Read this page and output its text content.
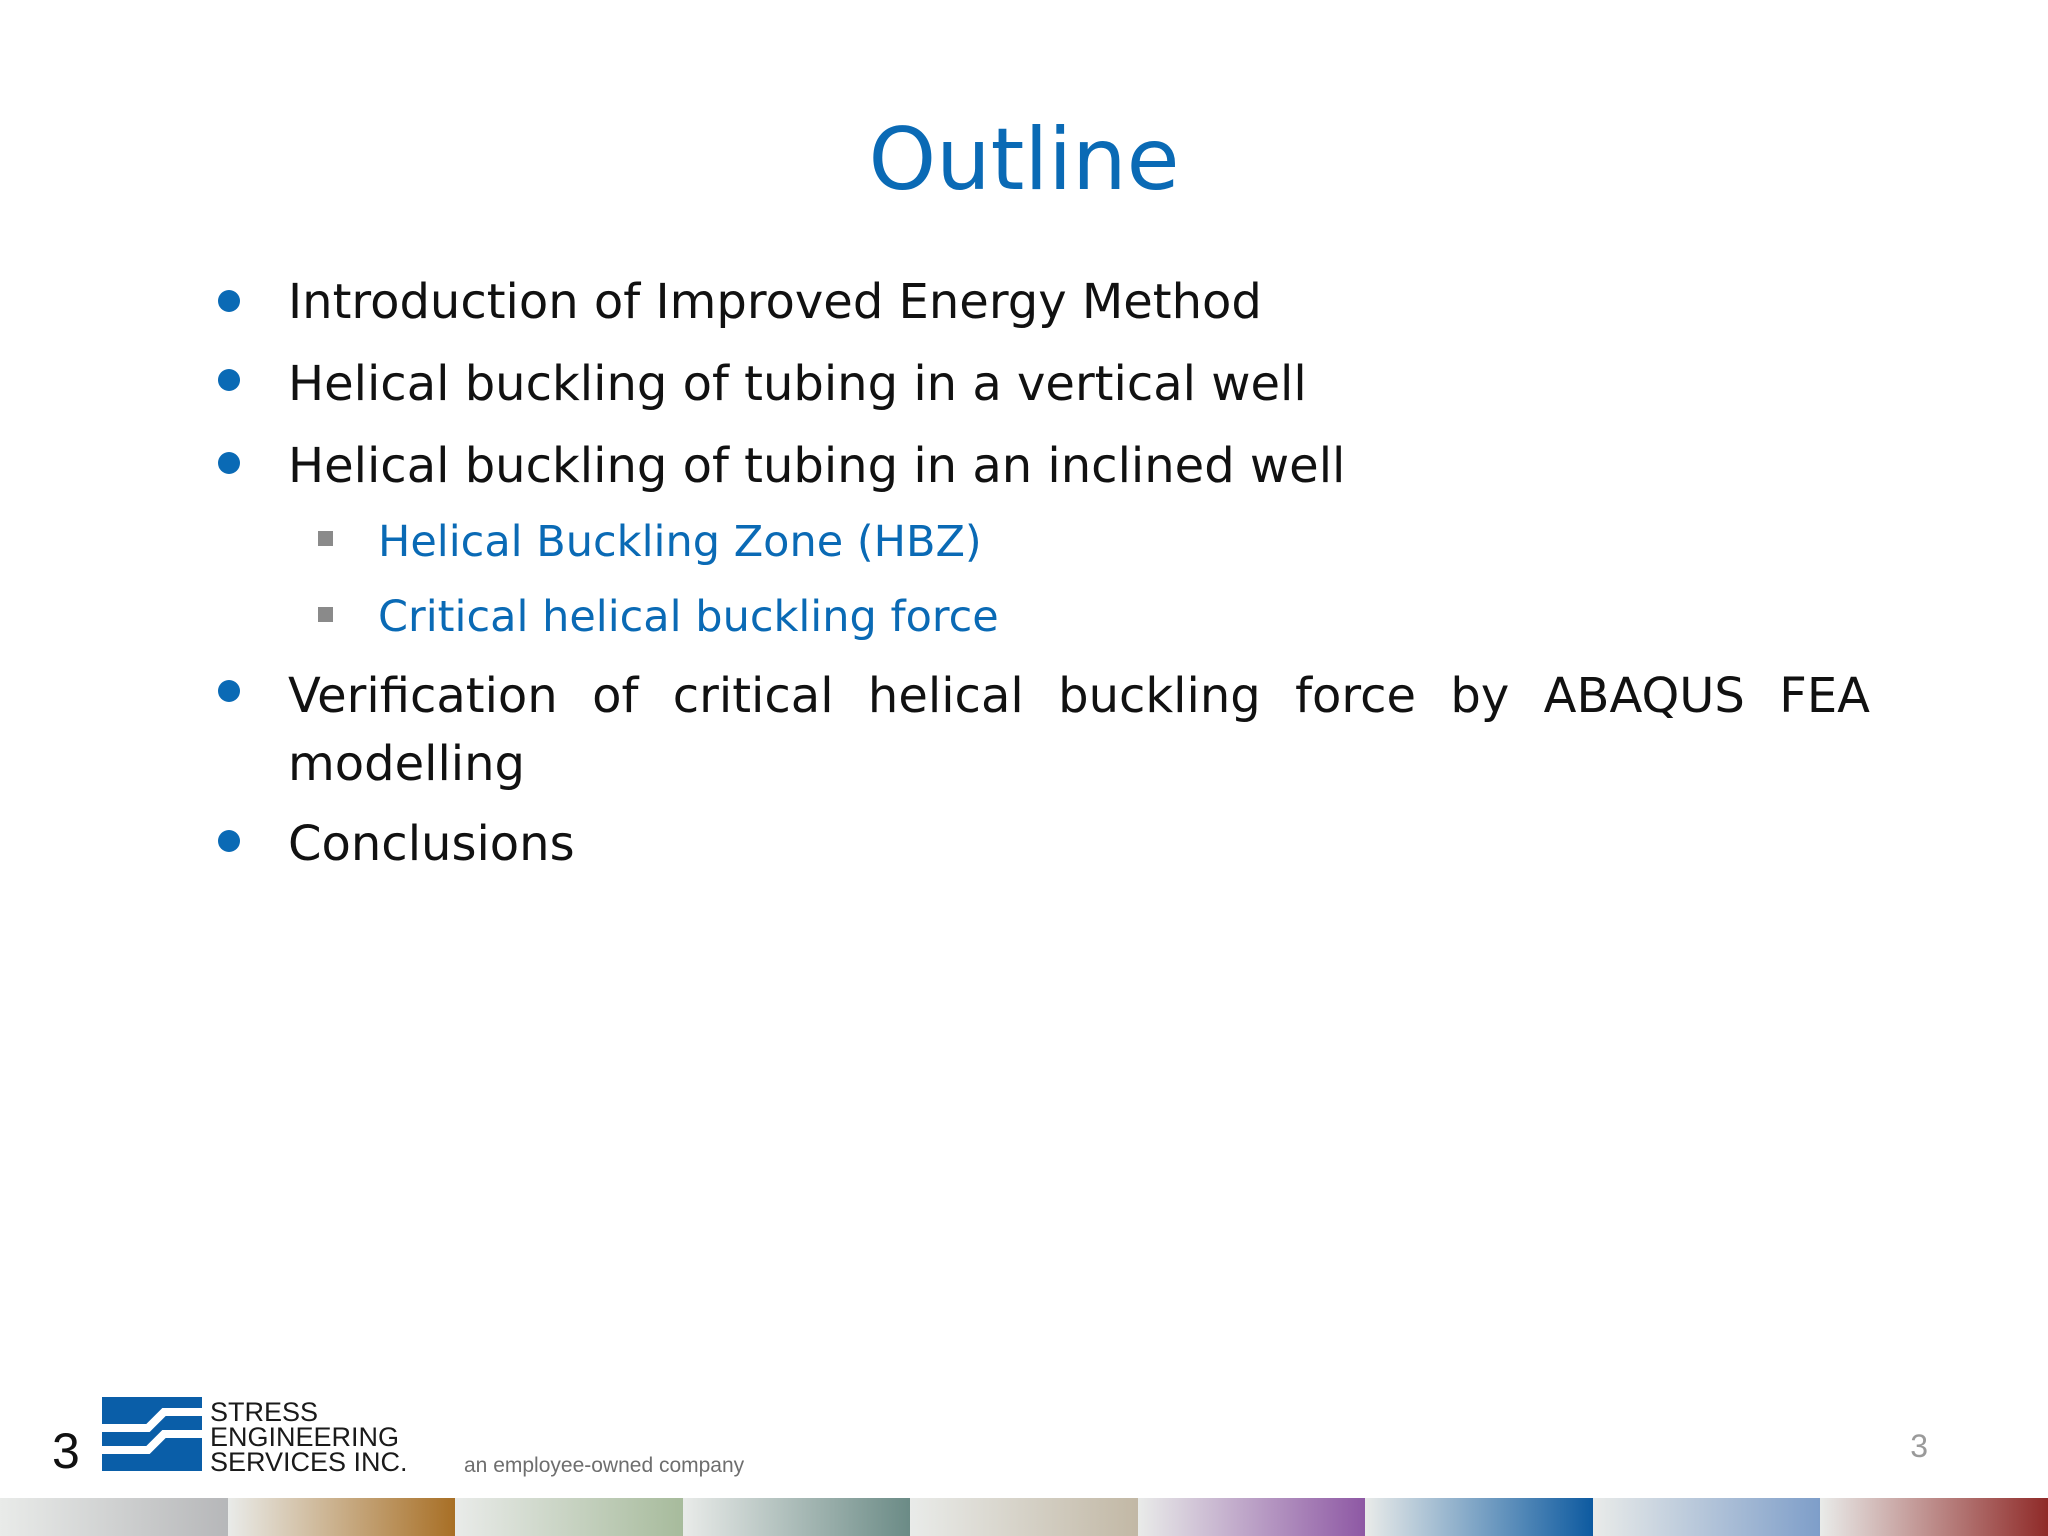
Outline
Introduction of Improved Energy Method
Helical buckling of tubing in a vertical well
Helical buckling of tubing in an inclined well
Helical Buckling Zone (HBZ)
Critical helical buckling force
Verification of critical helical buckling force by ABAQUS FEA modelling
Conclusions
3
STRESS
ENGINEERING
SERVICES INC.	an employee-owned company
3
